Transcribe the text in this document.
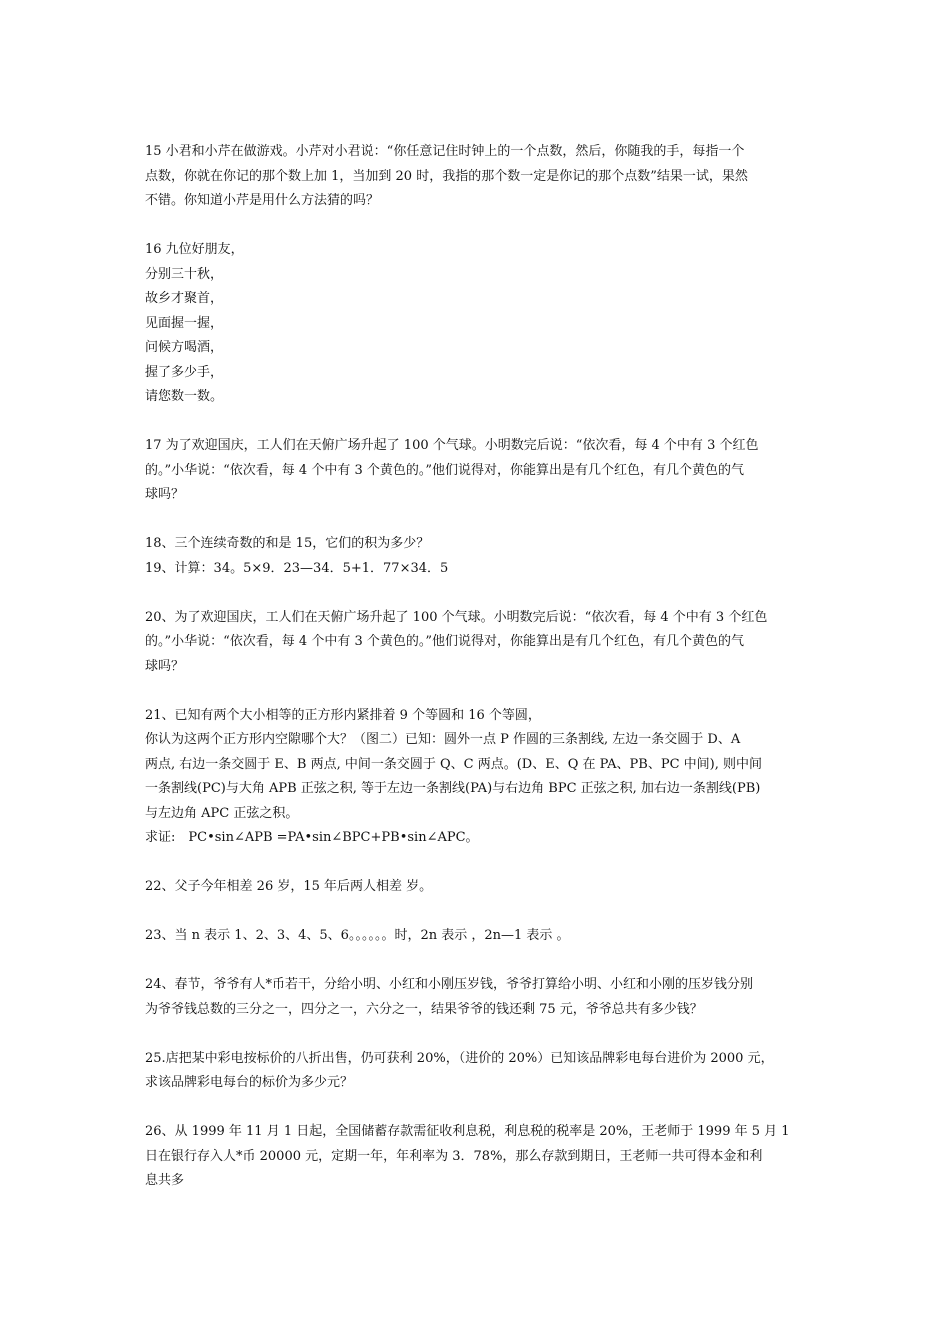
15 小君和小芹在做游戏。小芹对小君说：“你任意记住时钟上的一个点数，然后，你随我的手，每指一个
点数，你就在你记的那个数上加 1，当加到 20 时，我指的那个数一定是你记的那个点数”结果一试，果然
不错。你知道小芹是用什么方法猜的吗？
16 九位好朋友，
分别三十秋，
故乡才聚首，
见面握一握，
问候方喝酒，
握了多少手，
请您数一数。
17 为了欢迎国庆，工人们在天俯广场升起了 100 个气球。小明数完后说：“依次看，每 4 个中有 3 个红色
的。”小华说：“依次看，每 4 个中有 3 个黄色的。”他们说得对，你能算出是有几个红色，有几个黄色的气
球吗？
18、三个连续奇数的和是 15，它们的积为多少？
19、计算：34。5×9．23—34．5+1．77×34．5
20、为了欢迎国庆，工人们在天俯广场升起了 100 个气球。小明数完后说：“依次看，每 4 个中有 3 个红色
的。”小华说：“依次看，每 4 个中有 3 个黄色的。”他们说得对，你能算出是有几个红色，有几个黄色的气
球吗？
21、已知有两个大小相等的正方形内紧排着 9 个等圆和 16 个等圆，
你认为这两个正方形内空隙哪个大？（图二）已知：圆外一点 P 作圆的三条割线, 左边一条交圆于 D、A
两点, 右边一条交圆于 E、B 两点, 中间一条交圆于 Q、C 两点。(D、E、Q 在 PA、PB、PC 中间), 则中间
一条割线(PC)与大角 APB 正弦之积, 等于左边一条割线(PA)与右边角 BPC 正弦之积, 加右边一条割线(PB)
与左边角 APC 正弦之积。
求证:　PC•sin∠APB =PA•sin∠BPC+PB•sin∠APC。
22、父子今年相差 26 岁，15 年后两人相差 岁。
23、当 n 表示 1、2、3、4、5、6。。。。。。时，2n 表示 ，2n—1 表示 。
24、春节，爷爷有人*币若干，分给小明、小红和小刚压岁钱，爷爷打算给小明、小红和小刚的压岁钱分别
为爷爷钱总数的三分之一，四分之一，六分之一，结果爷爷的钱还剩 75 元，爷爷总共有多少钱？
25.店把某中彩电按标价的八折出售，仍可获利 20%，（进价的 20%）已知该品牌彩电每台进价为 2000 元，
求该品牌彩电每台的标价为多少元？
26、从 1999 年 11 月 1 日起，全国储蓄存款需征收利息税，利息税的税率是 20%，王老师于 1999 年 5 月 1
日在银行存入人*币 20000 元，定期一年，年利率为 3．78%，那么存款到期日，王老师一共可得本金和利
息共多
